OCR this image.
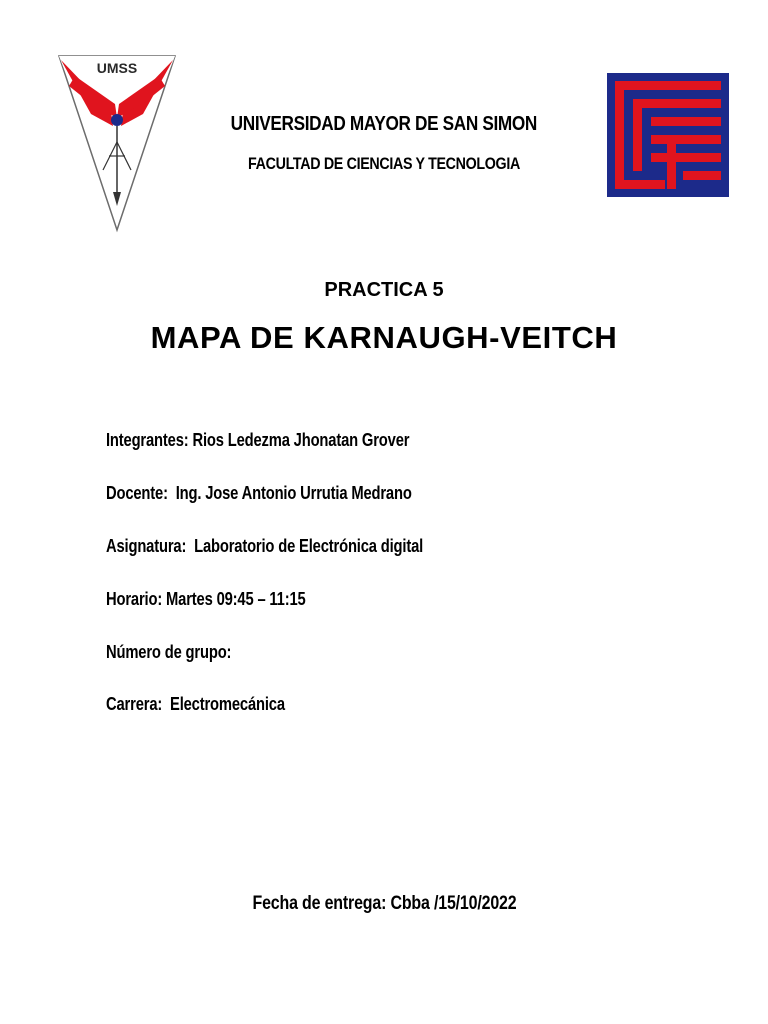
UMSS
UNIVERSIDAD MAYOR DE SAN SIMON
FACULTAD DE CIENCIAS Y TECNOLOGIA
PRACTICA 5
MAPA DE KARNAUGH-VEITCH
Integrantes: Rios Ledezma Jhonatan Grover
Docente:  Ing. Jose Antonio Urrutia Medrano
Asignatura:  Laboratorio de Electrónica digital
Horario: Martes 09:45 – 11:15
Número de grupo:
Carrera:  Electromecánica
Fecha de entrega: Cbba /15/10/2022
